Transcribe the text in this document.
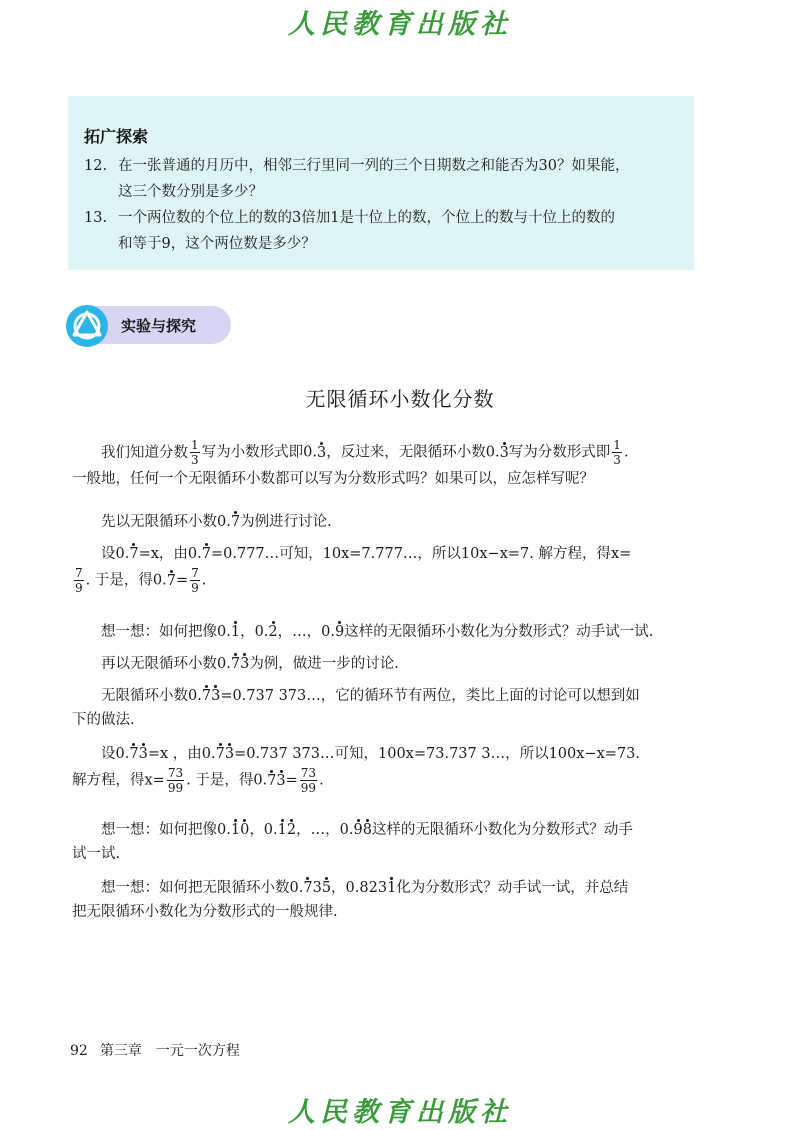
人民教育出版社
拓广探索
12. 在一张普通的月历中，相邻三行里同一列的三个日期数之和能否为30？如果能，
这三个数分别是多少？
13. 一个两位数的个位上的数的3倍加1是十位上的数，个位上的数与十位上的数的
和等于9，这个两位数是多少？
实验与探究
无限循环小数化分数
我们知道分数 $\frac{1}{3}$ 写为小数形式即0.3，反过来，无限循环小数0.3写为分数形式即 $\frac{1}{3}$ .
一般地，任何一个无限循环小数都可以写为分数形式吗？如果可以，应怎样写呢？
先以无限循环小数0.7为例进行讨论.
设0.7=x，由0.7=0.777…可知，10x=7.777…，所以10x−x=7. 解方程，得x=

$\frac{7}{9}$ . 于是，得$0.7= \frac{7}{9}$ .
想一想：如何把像0.1，0.2，…，0.9这样的无限循环小数化为分数形式？动手试一试.
再以无限循环小数0.73为例，做进一步的讨论.
无限循环小数0.73=0.737 373…，它的循环节有两位，类比上面的讨论可以想到如
下的做法.
设0.73=x ，由0.73=0.737 373…可知，100x=73.737 3…，所以100x−x=73.
解方程，得$x= \frac{73}{99}$ . 于是，得$0.73= \frac{73}{99}$ .
想一想：如何把像0.10，0.12，…，0.98这样的无限循环小数化为分数形式？动手
试一试.
想一想：如何把无限循环小数0.735，0.8231化为分数形式？动手试一试，并总结
把无限循环小数化为分数形式的一般规律.
92 第三章　一元一次方程
人民教育出版社
